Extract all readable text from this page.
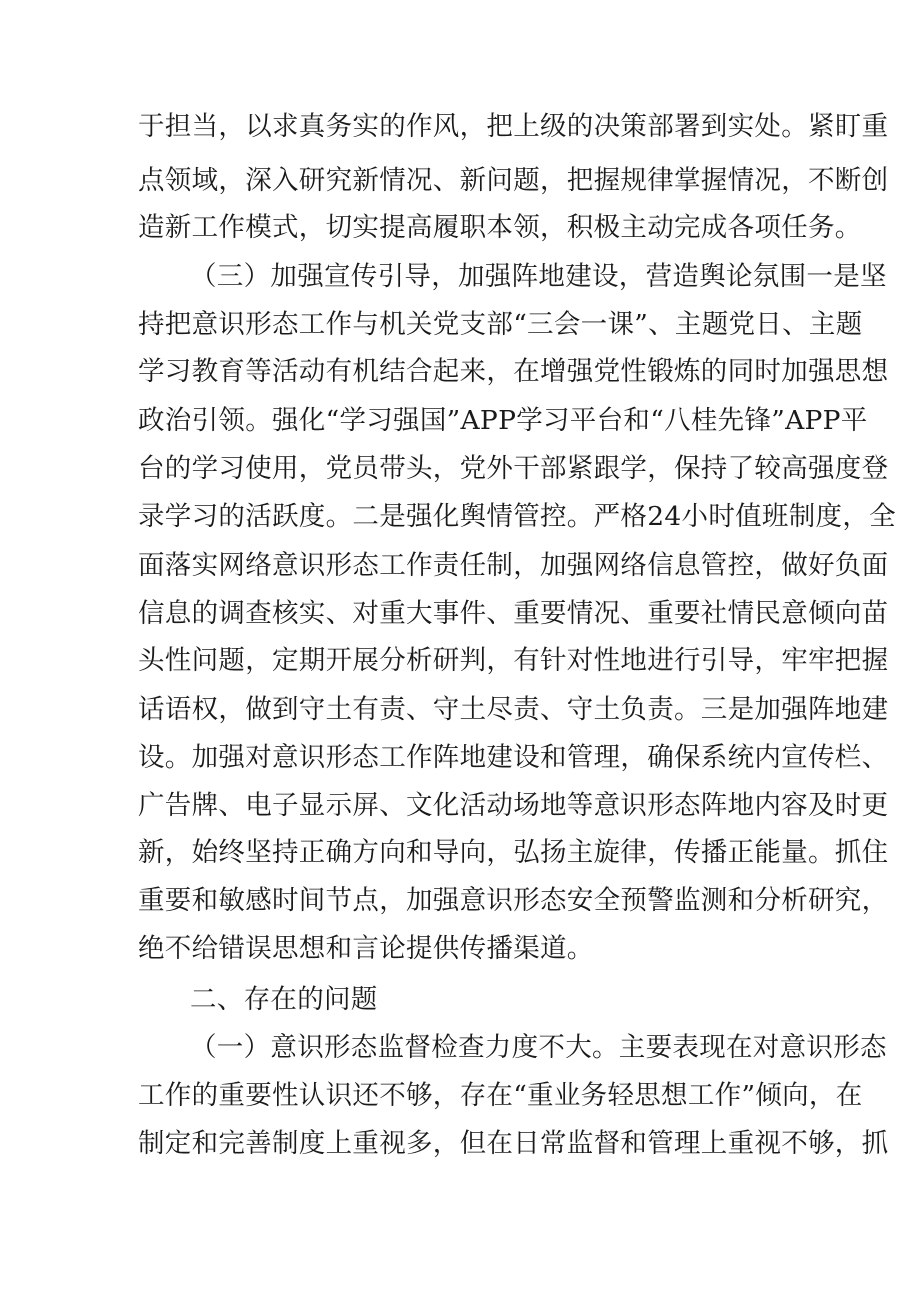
于担当，以求真务实的作风，把上级的决策部署到实处。紧盯重

点领域，深入研究新情况、新问题，把握规律掌握情况，不断创

造新工作模式，切实提高履职本领，积极主动完成各项任务。

（三）加强宣传引导，加强阵地建设，营造舆论氛围一是坚

持把意识形态工作与机关党支部“三会一课”、主题党日、主题

学习教育等活动有机结合起来，在增强党性锻炼的同时加强思想

政治引领。强化“学习强国”APP学习平台和“八桂先锋”APP平

台的学习使用，党员带头，党外干部紧跟学，保持了较高强度登

录学习的活跃度。二是强化舆情管控。严格24小时值班制度，全

面落实网络意识形态工作责任制，加强网络信息管控，做好负面

信息的调查核实、对重大事件、重要情况、重要社情民意倾向苗

头性问题，定期开展分析研判，有针对性地进行引导，牢牢把握

话语权，做到守土有责、守土尽责、守土负责。三是加强阵地建

设。加强对意识形态工作阵地建设和管理，确保系统内宣传栏、

广告牌、电子显示屏、文化活动场地等意识形态阵地内容及时更

新，始终坚持正确方向和导向，弘扬主旋律，传播正能量。抓住

重要和敏感时间节点，加强意识形态安全预警监测和分析研究，

绝不给错误思想和言论提供传播渠道。

二、存在的问题

（一）意识形态监督检查力度不大。主要表现在对意识形态

工作的重要性认识还不够，存在“重业务轻思想工作”倾向，在

制定和完善制度上重视多，但在日常监督和管理上重视不够，抓
